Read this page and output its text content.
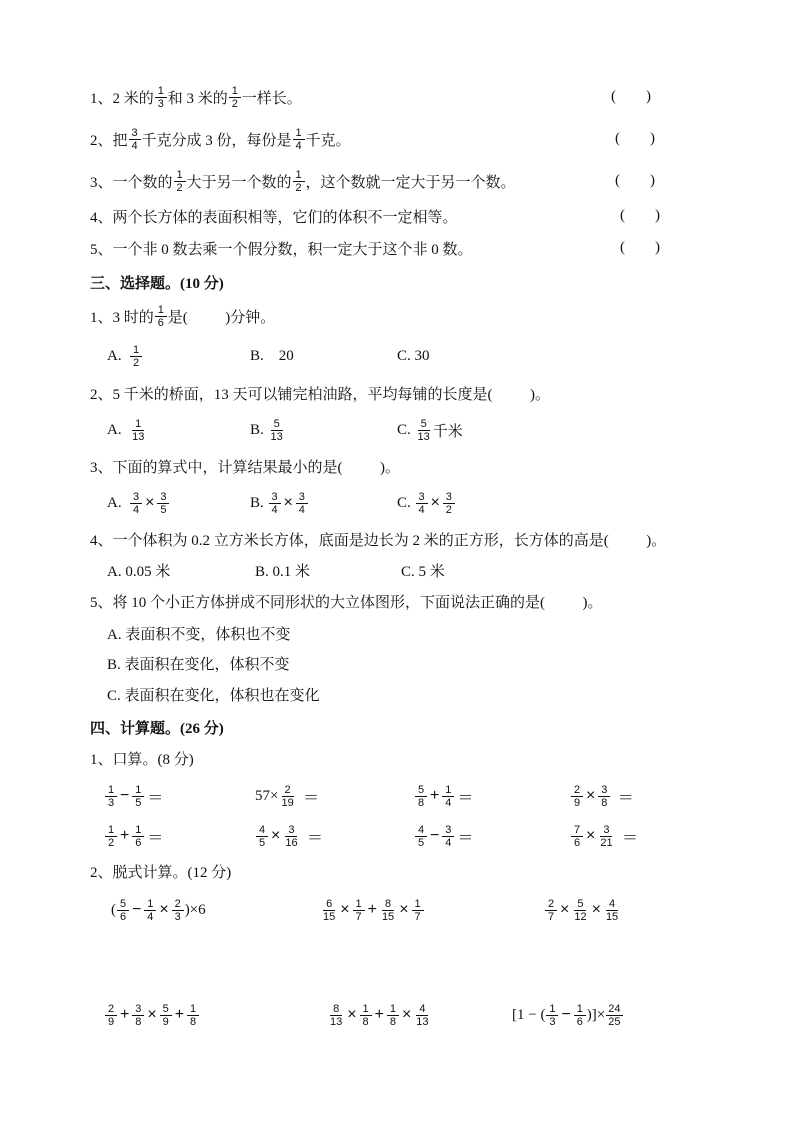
1、2 米的 $\frac{1}{3}$ 和 3 米的 $\frac{1}{2}$ 一样长。
2、把 $\frac{3}{4}$ 千克分成 3 份，每份是 $\frac{1}{4}$ 千克。
3、一个数的 $\frac{1}{2}$ 大于另一个数的 $\frac{1}{2}$ ，这个数就一定大于另一个数。
4、两个长方体的表面积相等，它们的体积不一定相等。
5、一个非 0 数去乘一个假分数，积一定大于这个非 0 数。
(        )
(        )
(        )
(        )
(        )
三、选择题。(10 分)
1、3 时的 $\frac{1}{6}$ 是(          )分钟。
A. $\frac{1}{2}$	B.    20	C. 30
2、5 千米的桥面，13 天可以铺完柏油路，平均每铺的长度是(          )。
A. $\frac{1}{13}$	B. $\frac{5}{13}$	C. $\frac{5}{13}$ 千米
3、下面的算式中，计算结果最小的是(          )。
A. $\frac{3}{4} \times \frac{3}{5}$	B. $\frac{3}{4} \times \frac{3}{4}$	C. $\frac{3}{4} \times \frac{3}{2}$
4、一个体积为 0.2 立方米长方体，底面是边长为 2 米的正方形，长方体的高是(          )。
A. 0.05 米	B. 0.1 米	C. 5 米
5、将 10 个小正方体拼成不同形状的大立体图形，下面说法正确的是(          )。
A. 表面积不变，体积也不变
B. 表面积在变化，体积不变
C. 表面积在变化，体积也在变化
四、计算题。(26 分)
1、口算。(8 分)
$\frac{1}{3} - \frac{1}{5}$ ＝	$57\times \frac{2}{19}$ ＝	$\frac{5}{8} + \frac{1}{4}$ ＝	$\frac{2}{9} \times \frac{3}{8}$ ＝
$\frac{1}{2} + \frac{1}{6}$ ＝	$\frac{4}{5} \times \frac{3}{16}$ ＝	$\frac{4}{5} - \frac{3}{4}$ ＝	$\frac{7}{6} \times \frac{3}{21}$ ＝
2、脱式计算。(12 分)
( $\frac{5}{6} - \frac{1}{4} \times \frac{2}{3} )\times 6$	$\frac{6}{15} \times \frac{1}{7} + \frac{8}{15} \times \frac{1}{7}$	$\frac{2}{7} \times \frac{5}{12} \times \frac{4}{15}$
$\frac{2}{9} + \frac{3}{8} \times \frac{5}{9} + \frac{1}{8}$	$\frac{8}{13} \times \frac{1}{8} + \frac{1}{8} \times \frac{4}{13}$	[1 − ( $\frac{1}{3} - \frac{1}{6}$ )]× $\frac{24}{25}$
